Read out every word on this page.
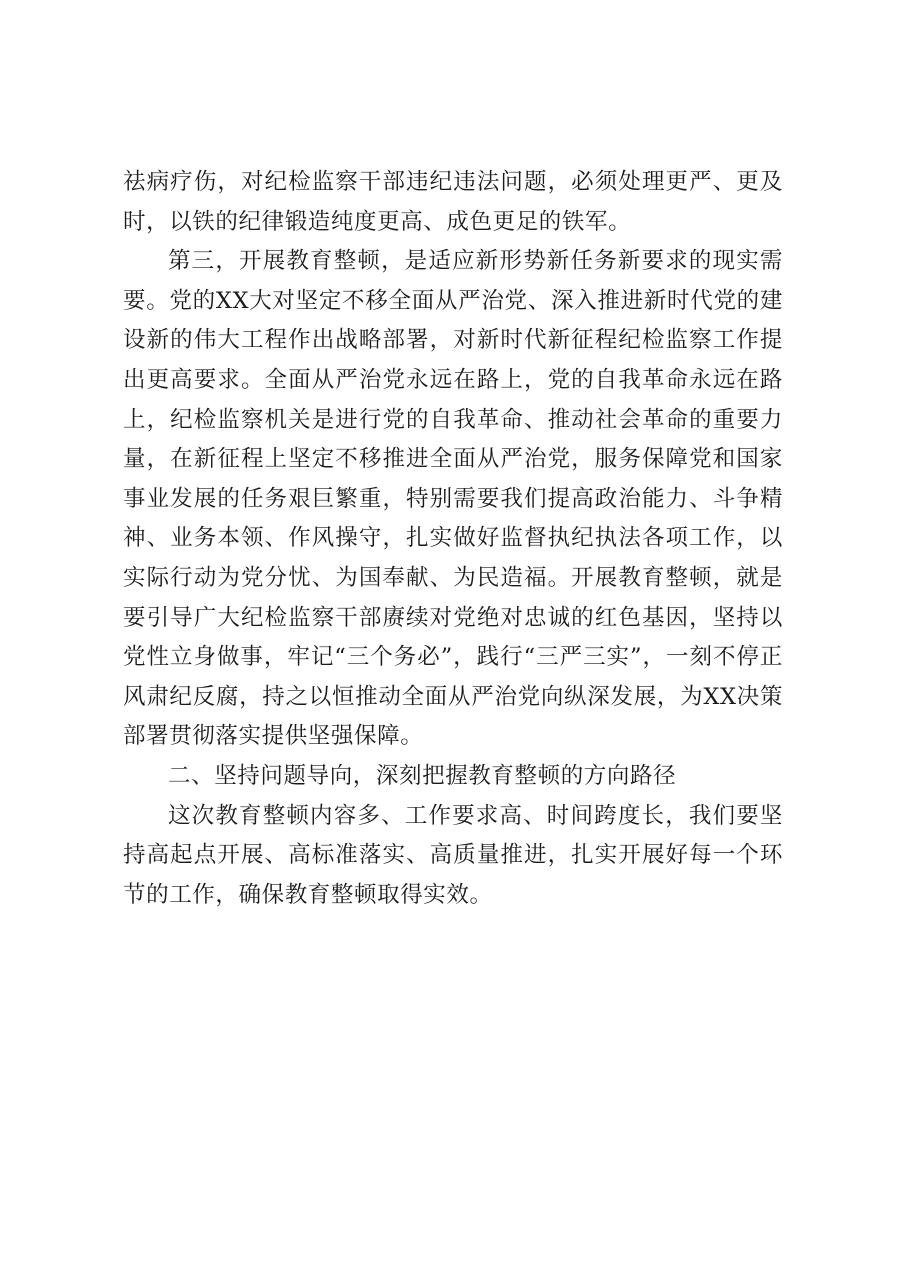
祛病疗伤，对纪检监察干部违纪违法问题，必须处理更严、更及时，以铁的纪律锻造纯度更高、成色更足的铁军。

第三，开展教育整顿，是适应新形势新任务新要求的现实需要。党的XX大对坚定不移全面从严治党、深入推进新时代党的建设新的伟大工程作出战略部署，对新时代新征程纪检监察工作提出更高要求。全面从严治党永远在路上，党的自我革命永远在路上，纪检监察机关是进行党的自我革命、推动社会革命的重要力量，在新征程上坚定不移推进全面从严治党，服务保障党和国家事业发展的任务艰巨繁重，特别需要我们提高政治能力、斗争精神、业务本领、作风操守，扎实做好监督执纪执法各项工作，以实际行动为党分忧、为国奉献、为民造福。开展教育整顿，就是要引导广大纪检监察干部赓续对党绝对忠诚的红色基因，坚持以党性立身做事，牢记“三个务必”，践行“三严三实”，一刻不停正风肃纪反腐，持之以恒推动全面从严治党向纵深发展，为XX决策部署贯彻落实提供坚强保障。

二、坚持问题导向，深刻把握教育整顿的方向路径

这次教育整顿内容多、工作要求高、时间跨度长，我们要坚持高起点开展、高标准落实、高质量推进，扎实开展好每一个环节的工作，确保教育整顿取得实效。
